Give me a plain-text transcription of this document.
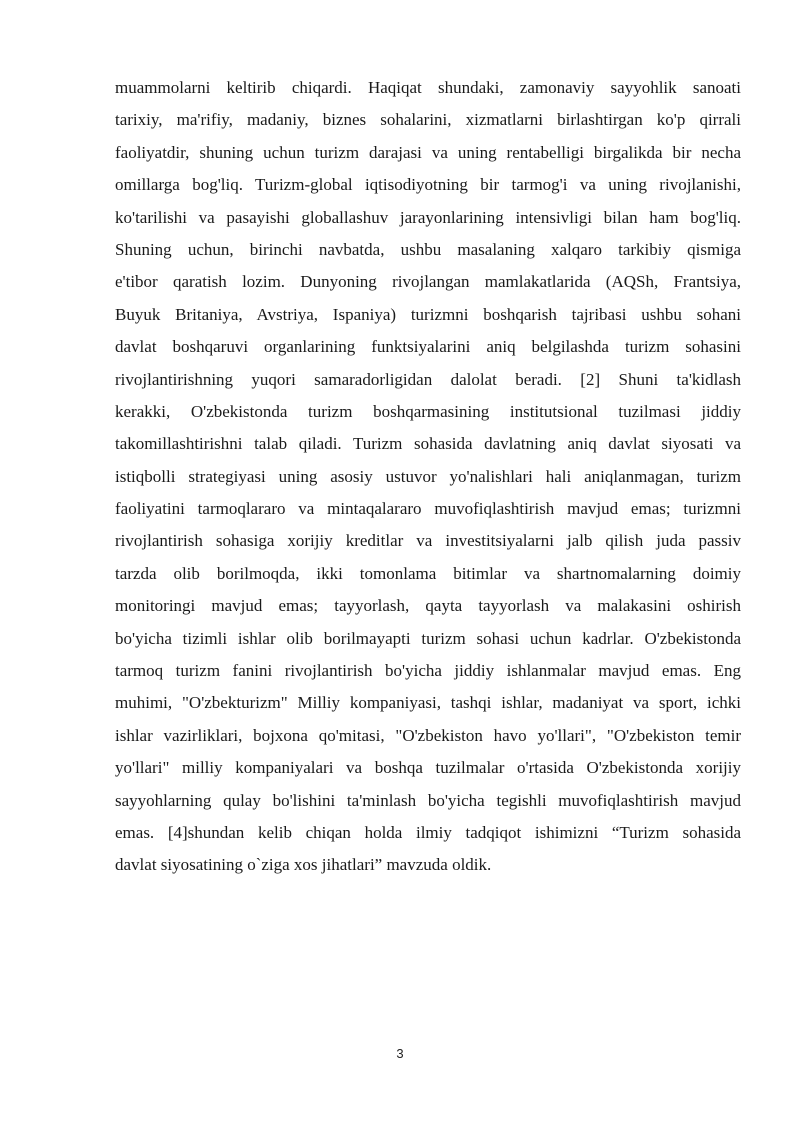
muammolarni keltirib chiqardi. Haqiqat shundaki, zamonaviy sayyohlik sanoati
tarixiy, ma'rifiy, madaniy, biznes sohalarini, xizmatlarni birlashtirgan ko'p qirrali
faoliyatdir, shuning uchun turizm darajasi va uning rentabelligi birgalikda bir necha
omillarga bog'liq. Turizm-global iqtisodiyotning bir tarmog'i va uning rivojlanishi,
ko'tarilishi va pasayishi globallashuv jarayonlarining intensivligi bilan ham bog'liq.
Shuning uchun, birinchi navbatda, ushbu masalaning xalqaro tarkibiy qismiga
e'tibor qaratish lozim. Dunyoning rivojlangan mamlakatlarida (AQSh, Frantsiya,
Buyuk Britaniya, Avstriya, Ispaniya) turizmni boshqarish tajribasi ushbu sohani
davlat boshqaruvi organlarining funktsiyalarini aniq belgilashda turizm sohasini
rivojlantirishning yuqori samaradorligidan dalolat beradi. [2] Shuni ta'kidlash
kerakki, O'zbekistonda turizm boshqarmasining institutsional tuzilmasi jiddiy
takomillashtirishni talab qiladi. Turizm sohasida davlatning aniq davlat siyosati va
istiqbolli strategiyasi uning asosiy ustuvor yo'nalishlari hali aniqlanmagan, turizm
faoliyatini tarmoqlararo va mintaqalararo muvofiqlashtirish mavjud emas; turizmni
rivojlantirish sohasiga xorijiy kreditlar va investitsiyalarni jalb qilish juda passiv
tarzda olib borilmoqda, ikki tomonlama bitimlar va shartnomalarning doimiy
monitoringi mavjud emas; tayyorlash, qayta tayyorlash va malakasini oshirish
bo'yicha tizimli ishlar olib borilmayapti turizm sohasi uchun kadrlar. O'zbekistonda
tarmoq turizm fanini rivojlantirish bo'yicha jiddiy ishlanmalar mavjud emas. Eng
muhimi, "O'zbekturizm" Milliy kompaniyasi, tashqi ishlar, madaniyat va sport, ichki
ishlar vazirliklari, bojxona qo'mitasi, "O'zbekiston havo yo'llari", "O'zbekiston temir
yo'llari" milliy kompaniyalari va boshqa tuzilmalar o'rtasida O'zbekistonda xorijiy
sayyohlarning qulay bo'lishini ta'minlash bo'yicha tegishli muvofiqlashtirish mavjud
emas. [4]shundan kelib chiqan holda ilmiy tadqiqot ishimizni “Turizm sohasida
davlat siyosatining o`ziga xos jihatlari” mavzuda oldik.

3
